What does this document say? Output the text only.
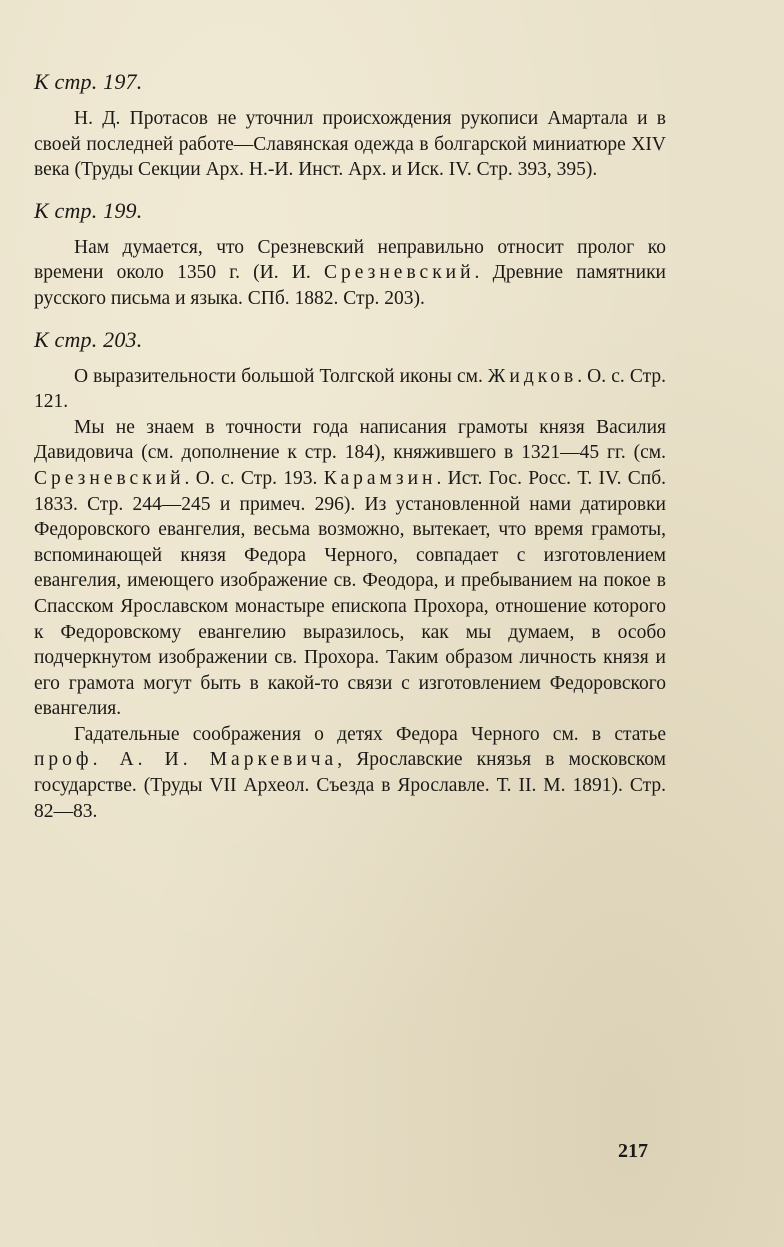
К стр. 197.

Н. Д. Протасов не уточнил происхождения рукописи Амартала и в своей последней работе—Славянская одежда в болгарской миниатюре XIV века (Труды Секции Арх. Н.-И. Инст. Арх. и Иск. IV. Стр. 393, 395).

К стр. 199.

Нам думается, что Срезневский неправильно относит пролог ко времени около 1350 г. (И. И. Срезневский. Древние памятники русского письма и языка. СПб. 1882. Стр. 203).

К стр. 203.

О выразительности большой Толгской иконы см. Жидков. О. с. Стр. 121.

Мы не знаем в точности года написания грамоты князя Василия Давидовича (см. дополнение к стр. 184), княжившего в 1321—45 гг. (см. Срезневский. О. с. Стр. 193. Карамзин. Ист. Гос. Росс. Т. IV. Спб. 1833. Стр. 244—245 и примеч. 296). Из установленной нами датировки Федоровского евангелия, весьма возможно, вытекает, что время грамоты, вспоминающей князя Федора Черного, совпадает с изготовлением евангелия, имеющего изображение св. Феодора, и пребыванием на покое в Спасском Ярославском монастыре епископа Прохора, отношение которого к Федоровскому евангелию выразилось, как мы думаем, в особо подчеркнутом изображении св. Прохора. Таким образом личность князя и его грамота могут быть в какой-то связи с изготовлением Федоровского евангелия.

Гадательные соображения о детях Федора Черного см. в статье проф. А. И. Маркевича, Ярославские князья в московском государстве. (Труды VII Археол. Съезда в Ярославле. Т. II. М. 1891). Стр. 82—83.

217
